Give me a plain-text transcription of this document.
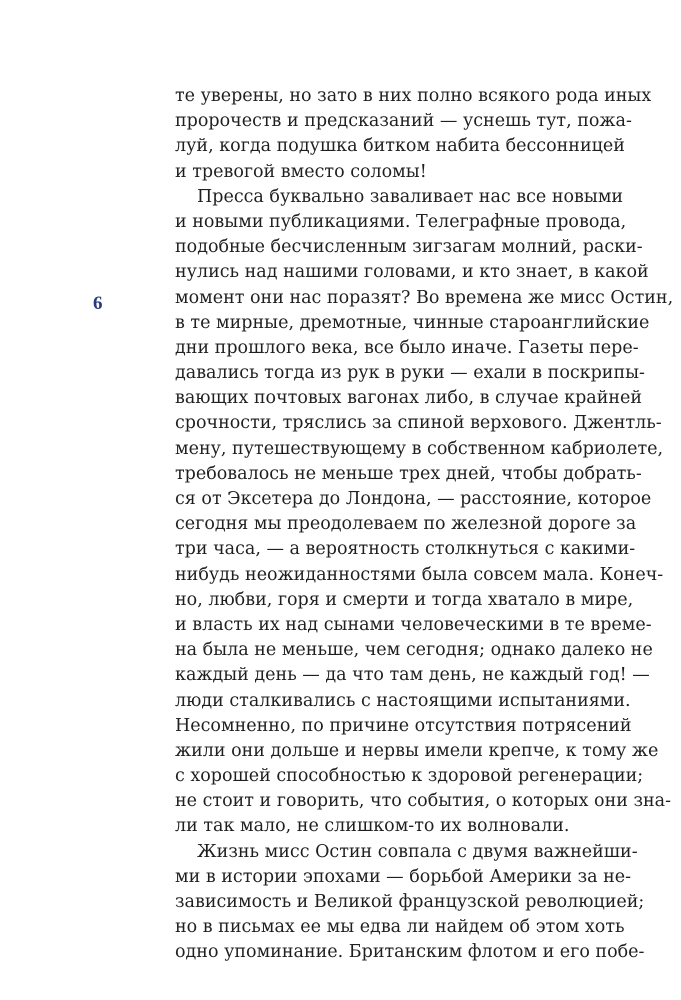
6
те уверены, но зато в них полно всякого рода иных
пророчеств и предсказаний — уснешь тут, пожа-
луй, когда подушка битком набита бессонницей
и тревогой вместо соломы!
Пресса буквально заваливает нас все новыми
и новыми публикациями. Телеграфные провода,
подобные бесчисленным зигзагам молний, раски-
нулись над нашими головами, и кто знает, в какой
момент они нас поразят? Во времена же мисс Остин,
в те мирные, дремотные, чинные староанглийские
дни прошлого века, все было иначе. Газеты пере-
давались тогда из рук в руки — ехали в поскрипы-
вающих почтовых вагонах либо, в случае крайней
срочности, тряслись за спиной верхового. Джентль-
мену, путешествующему в собственном кабриолете,
требовалось не меньше трех дней, чтобы добрать-
ся от Эксетера до Лондона, — расстояние, которое
сегодня мы преодолеваем по железной дороге за
три часа, — а вероятность столкнуться с какими-
нибудь неожиданностями была совсем мала. Конеч-
но, любви, горя и смерти и тогда хватало в мире,
и власть их над сынами человеческими в те време-
на была не меньше, чем сегодня; однако далеко не
каждый день — да что там день, не каждый год! —
люди сталкивались с настоящими испытаниями.
Несомненно, по причине отсутствия потрясений
жили они дольше и нервы имели крепче, к тому же
с хорошей способностью к здоровой регенерации;
не стоит и говорить, что события, о которых они зна-
ли так мало, не слишком-то их волновали.
Жизнь мисс Остин совпала с двумя важнейши-
ми в истории эпохами — борьбой Америки за не-
зависимость и Великой французской революцией;
но в письмах ее мы едва ли найдем об этом хоть
одно упоминание. Британским флотом и его побе-
